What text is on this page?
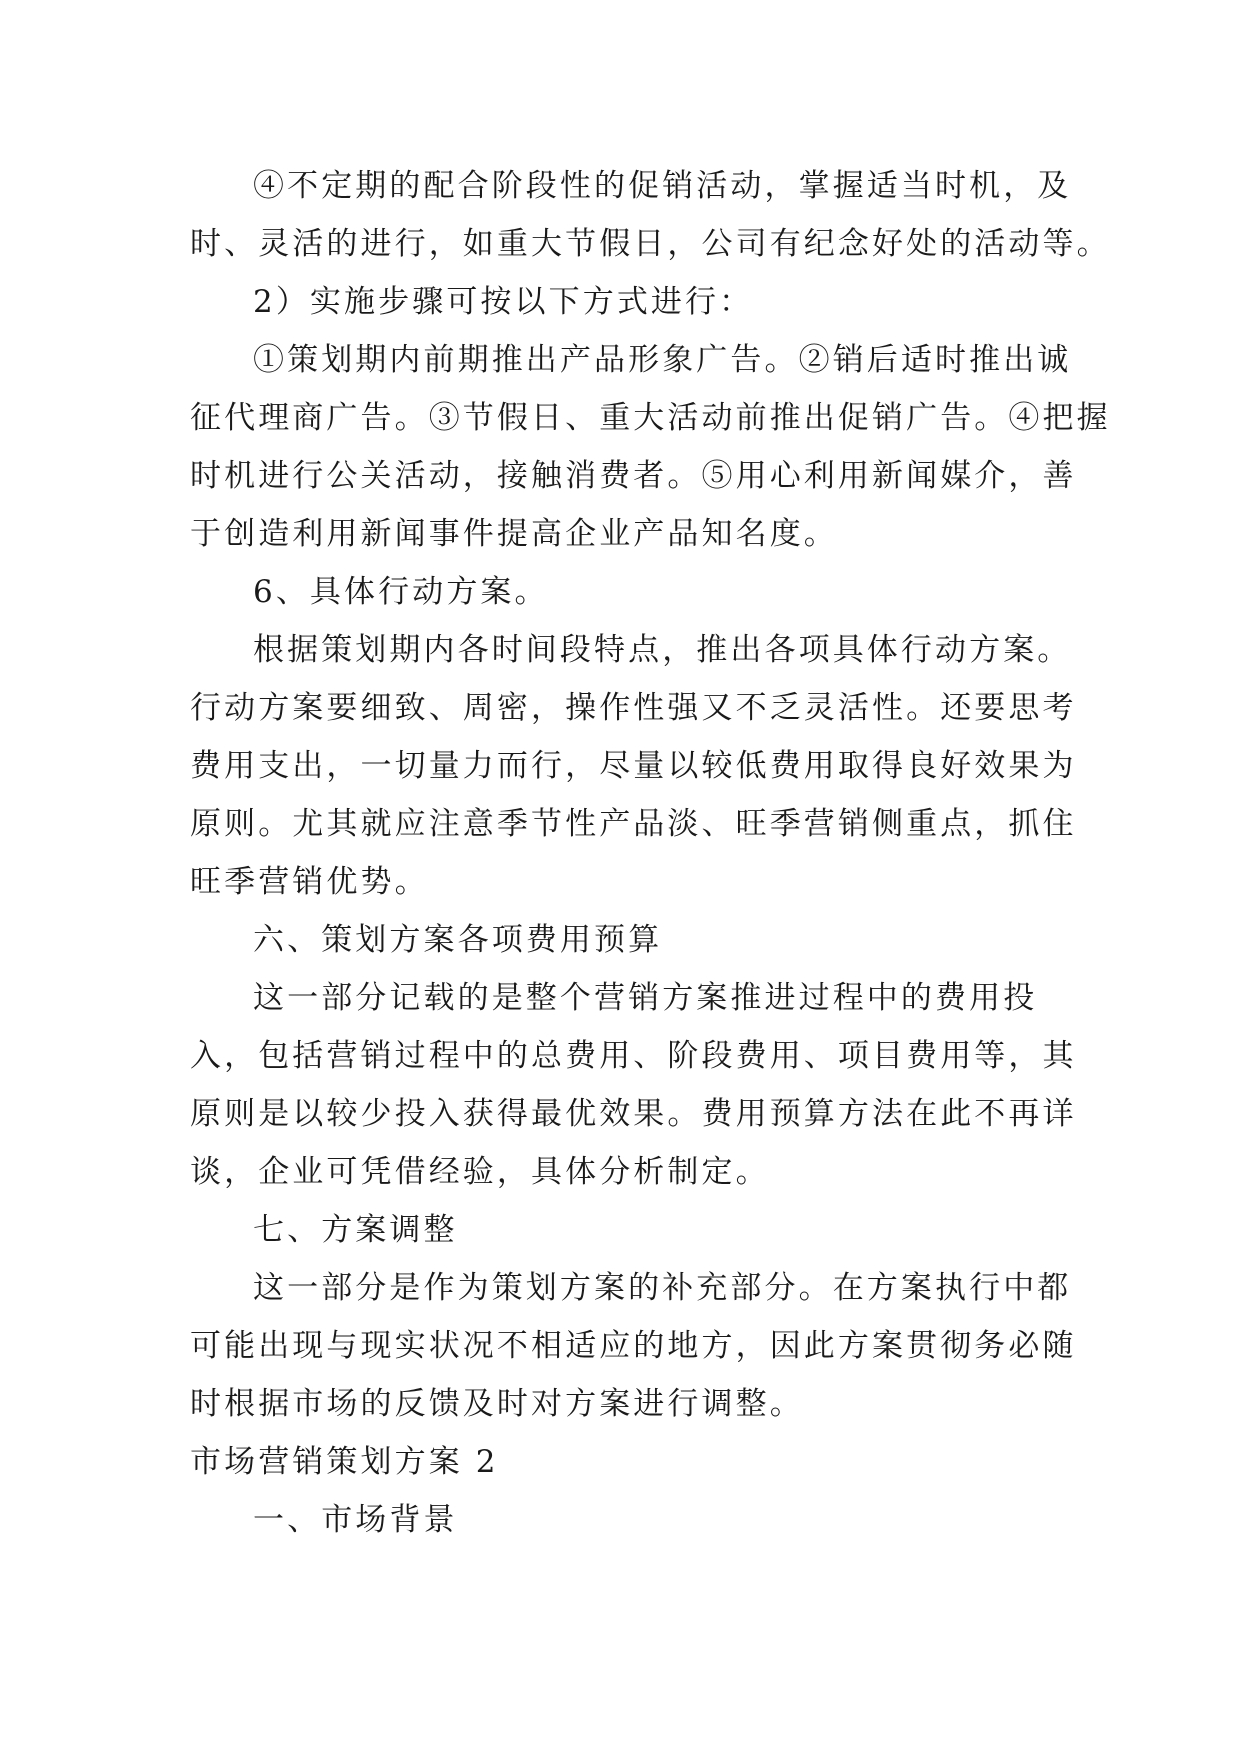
④不定期的配合阶段性的促销活动，掌握适当时机，及
时、灵活的进行，如重大节假日，公司有纪念好处的活动等。
2）实施步骤可按以下方式进行：
①策划期内前期推出产品形象广告。②销后适时推出诚
征代理商广告。③节假日、重大活动前推出促销广告。④把握
时机进行公关活动，接触消费者。⑤用心利用新闻媒介，善
于创造利用新闻事件提高企业产品知名度。
6、具体行动方案。
根据策划期内各时间段特点，推出各项具体行动方案。
行动方案要细致、周密，操作性强又不乏灵活性。还要思考
费用支出，一切量力而行，尽量以较低费用取得良好效果为
原则。尤其就应注意季节性产品淡、旺季营销侧重点，抓住
旺季营销优势。
六、策划方案各项费用预算
这一部分记载的是整个营销方案推进过程中的费用投
入，包括营销过程中的总费用、阶段费用、项目费用等，其
原则是以较少投入获得最优效果。费用预算方法在此不再详
谈，企业可凭借经验，具体分析制定。
七、方案调整
这一部分是作为策划方案的补充部分。在方案执行中都
可能出现与现实状况不相适应的地方，因此方案贯彻务必随
时根据市场的反馈及时对方案进行调整。
市场营销策划方案 2
一、市场背景
